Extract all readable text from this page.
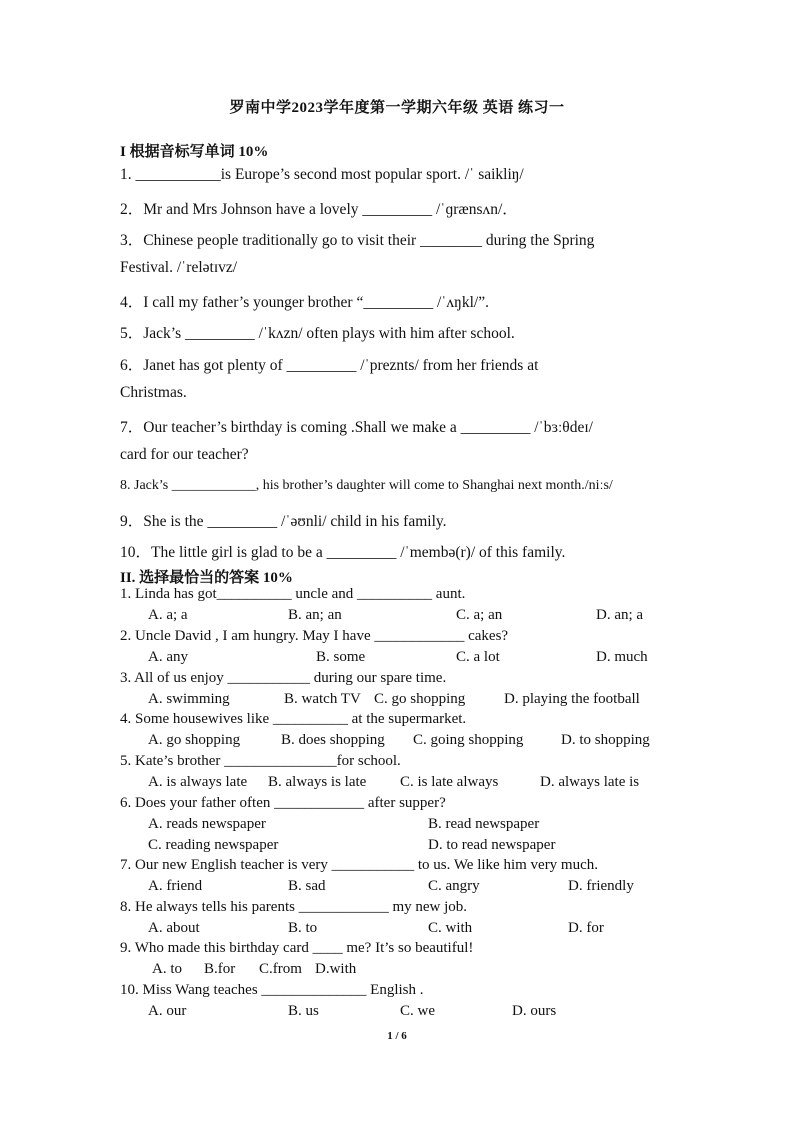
罗南中学2023学年度第一学期六年级 英语 练习一
I 根据音标写单词 10%
1. ___________is Europe’s second most popular sport. /ˈ saikliŋ/
2．Mr and Mrs Johnson have a lovely _________ /ˈɡrænsʌn/．
3．Chinese people traditionally go to visit their ________ during the Spring
Festival. /ˈrelətɪvz/
4．I call my father’s younger brother “_________ /ˈʌŋkl/”.
5．Jack’s _________ /ˈkʌzn/ often plays with him after school.
6．Janet has got plenty of _________ /ˈpreznts/ from her friends at
Christmas.
7．Our teacher’s birthday is coming .Shall we make a _________ /ˈbɜːθdeɪ/
card for our teacher?
8. Jack’s ____________, his brother’s daughter will come to Shanghai next month./niːs/
9．She is the _________ /ˈəʊnli/ child in his family.
10．The little girl is glad to be a _________ /ˈmembə(r)/ of this family.
II. 选择最恰当的答案 10%
1. Linda has got__________ uncle and __________ aunt.
A. a; a	B. an; an	C. a; an	D. an; a
2. Uncle David , I am hungry. May I have ____________ cakes?
A. any	B. some	C. a lot	D. much
3. All of us enjoy ___________ during our spare time.
A. swimming	B. watch TV C. go shopping	D. playing the football
4. Some housewives like __________ at the supermarket.
A. go shopping	B. does shopping C. going shopping	D. to shopping
5. Kate’s brother _______________for school.
A. is always late B. always is late C. is late always	D. always late is
6. Does your father often ____________ after supper?
A. reads newspaper	B. read newspaper
C. reading newspaper	D. to read newspaper
7. Our new English teacher is very ___________ to us. We like him very much.
A. friend	B. sad	C. angry	D. friendly
8. He always tells his parents ____________ my new job.
A. about	B. to	C. with	D. for
9. Who made this birthday card ____ me? It’s so beautiful!
A. to B.for C.from D.with
10. Miss Wang teaches ______________ English .
A. our	B. us	C. we	D. ours
1 / 6
